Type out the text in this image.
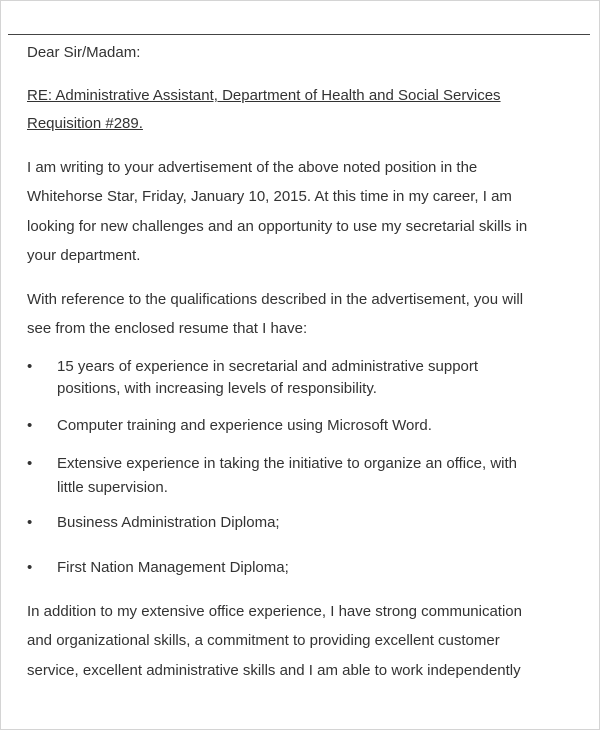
Dear Sir/Madam:
RE: Administrative Assistant, Department of Health and Social Services
Requisition #289.
I am writing to your advertisement of the above noted position in the
Whitehorse Star, Friday, January 10, 2015. At this time in my career, I am
looking for new challenges and an opportunity to use my secretarial skills in
your department.
With reference to the qualifications described in the advertisement, you will
see from the enclosed resume that I have:
•	15 years of experience in secretarial and administrative support
positions, with increasing levels of responsibility.
•	Computer training and experience using Microsoft Word.
•	Extensive experience in taking the initiative to organize an office, with
little supervision.
•	Business Administration Diploma;
•	First Nation Management Diploma;
In addition to my extensive office experience, I have strong communication
and organizational skills, a commitment to providing excellent customer
service, excellent administrative skills and I am able to work independently
